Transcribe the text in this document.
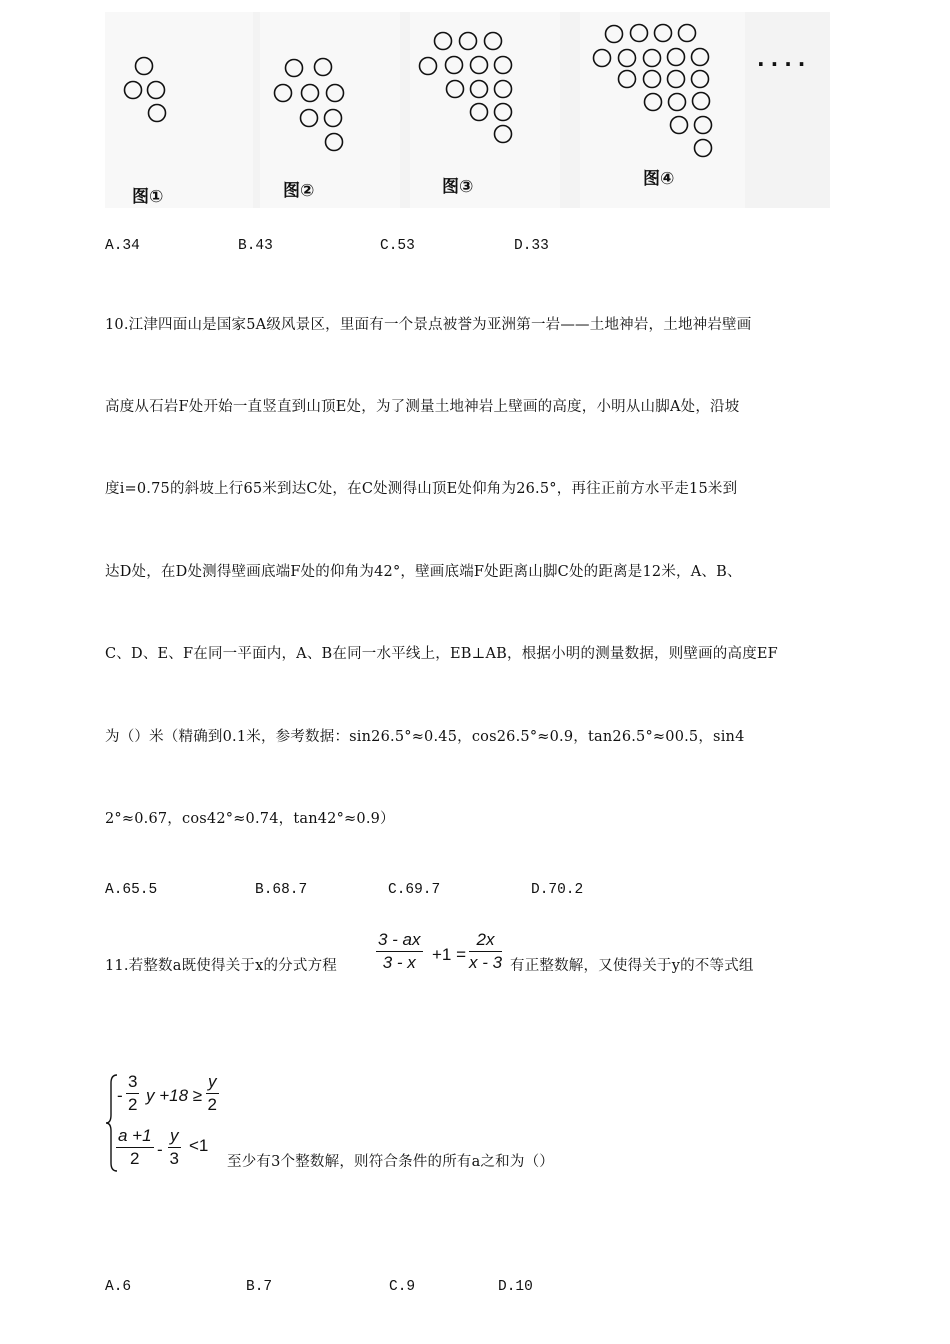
图①	图②	图③	图④
····
A.34	B.43	C.53	D.33
10.江津四面山是国家5A级风景区，里面有一个景点被誉为亚洲第一岩——土地神岩，土地神岩壁画
高度从石岩F处开始一直竖直到山顶E处，为了测量土地神岩上壁画的高度，小明从山脚A处，沿坡
度i=0.75的斜坡上行65米到达C处，在C处测得山顶E处仰角为26.5°，再往正前方水平走15米到
达D处，在D处测得壁画底端F处的仰角为42°，壁画底端F处距离山脚C处的距离是12米，A、B、
C、D、E、F在同一平面内，A、B在同一水平线上，EB⊥AB，根据小明的测量数据，则壁画的高度EF
为（）米（精确到0.1米，参考数据：sin26.5°≈0.45，cos26.5°≈0.9，tan26.5°≈00.5，sin4
2°≈0.67，cos42°≈0.74，tan42°≈0.9）
A.65.5	B.68.7	C.69.7	D.70.2
11.若整数a既使得关于x的分式方程 $\frac{3 - ax}{3 - x} +1 = \frac{2x}{x - 3}$ 有正整数解，又使得关于y的不等式组
- $\frac{3}{2}$ $y +18 \ge \frac{y}{2}$
$\frac{a +1}{2} - \frac{y}{3} <1$
至少有3个整数解，则符合条件的所有a之和为（）
A.6	B.7	C.9	D.10
